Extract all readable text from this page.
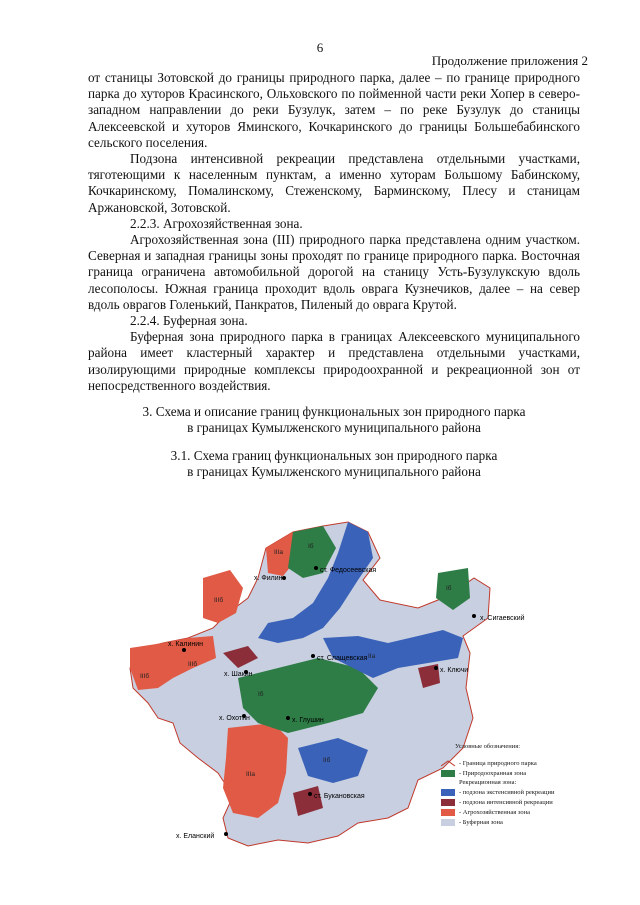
6
Продолжение приложения 2

от станицы Зотовской до границы природного парка, далее – по границе природного парка до хуторов Красинского, Ольховского по пойменной части реки Хопер в северо-западном направлении до реки Бузулук, затем – по реке Бузулук до станицы Алексеевской и хуторов Яминского, Кочкаринского до границы Большебабинского сельского поселения.

Подзона интенсивной рекреации представлена отдельными участками, тяготеющими к населенным пунктам, а именно хуторам Большому Бабинскому, Кочкаринскому, Помалинскому, Стеженскому, Барминскому, Плесу и станицам Аржановской, Зотовской.

2.2.3. Агрохозяйственная зона.

Агрохозяйственная зона (III) природного парка представлена одним участком. Северная и западная границы зоны проходят по границе природного парка. Восточная граница ограничена автомобильной дорогой на станицу Усть-Бузулукскую вдоль лесополосы. Южная граница проходит вдоль оврага Кузнечиков, далее – на север вдоль оврагов Голенький, Панкратов, Пиленый до оврага Крутой.

2.2.4. Буферная зона.

Буферная зона природного парка в границах Алексеевского муниципального района имеет кластерный характер и представлена отдельными участками, изолирующими природные комплексы природоохранной и рекреационной зон от непосредственного воздействия.

3. Схема и описание границ функциональных зон природного парка
в границах Кумылженского муниципального района

3.1. Схема границ функциональных зон природного парка
в границах Кумылженского муниципального района

IIIа
Iб
IIIб
IIIб
Iб
IIа
Iб
IIIб
IIIа
IIб
х. Филин
ст. Федосеевская
х. Сигаевский
х. Калинин
ст. Слащевская
х. Шакин
х. Ключи
х. Охотин	х. Глушин
ст. Букановская
х. Еланский
Условные обозначения:
- Граница природного парка
- Природоохранная зона
Рекреационная зона:
- подзона экстенсивной рекреации
- подзона интенсивной рекреации
- Агрохозяйственная зона
- Буферная зона
